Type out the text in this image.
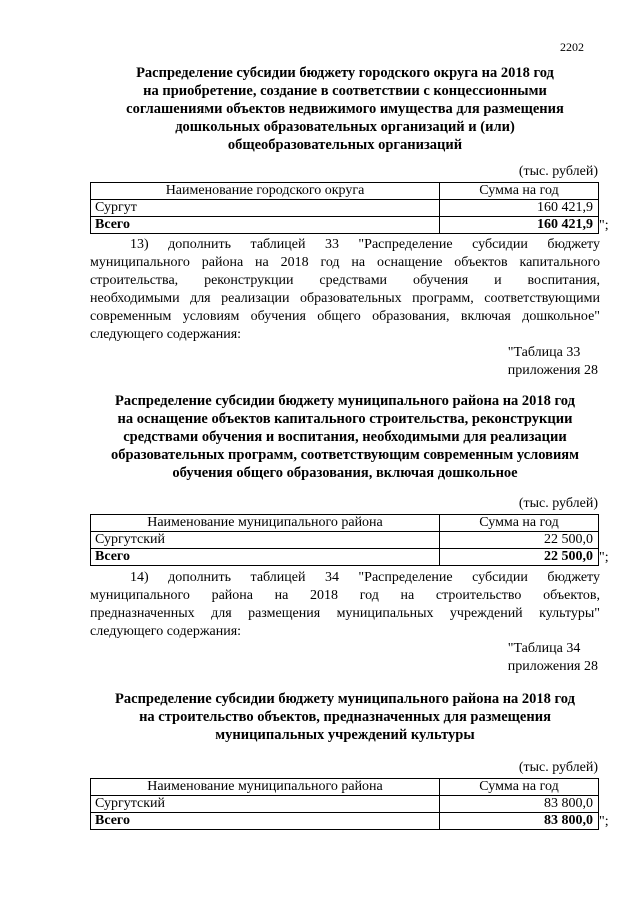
2202
Распределение субсидии бюджету городского округа на 2018 год
на приобретение, создание в соответствии с концессионными
соглашениями объектов недвижимого имущества для размещения
дошкольных образовательных организаций и (или)
общеобразовательных организаций
(тыс. рублей)
Наименование городского округа	Сумма на год
Сургут	160 421,9
Всего	160 421,9 ";
13) дополнить таблицей 33 "Распределение субсидии бюджету
муниципального района на 2018 год на оснащение объектов капитального
строительства, реконструкции средствами обучения и воспитания,
необходимыми для реализации образовательных программ, соответствующими
современным условиям обучения общего образования, включая дошкольное"
следующего содержания:
"Таблица 33
приложения 28
Распределение субсидии бюджету муниципального района на 2018 год
на оснащение объектов капитального строительства, реконструкции
средствами обучения и воспитания, необходимыми для реализации
образовательных программ, соответствующим современным условиям
обучения общего образования, включая дошкольное
(тыс. рублей)
Наименование муниципального района	Сумма на год
Сургутский	22 500,0
Всего	22 500,0 ";
14) дополнить таблицей 34 "Распределение субсидии бюджету
муниципального района на 2018 год на строительство объектов,
предназначенных для размещения муниципальных учреждений культуры"
следующего содержания:
"Таблица 34
приложения 28
Распределение субсидии бюджету муниципального района на 2018 год
на строительство объектов, предназначенных для размещения
муниципальных учреждений культуры
(тыс. рублей)
Наименование муниципального района	Сумма на год
Сургутский	83 800,0
Всего	83 800,0 ";
